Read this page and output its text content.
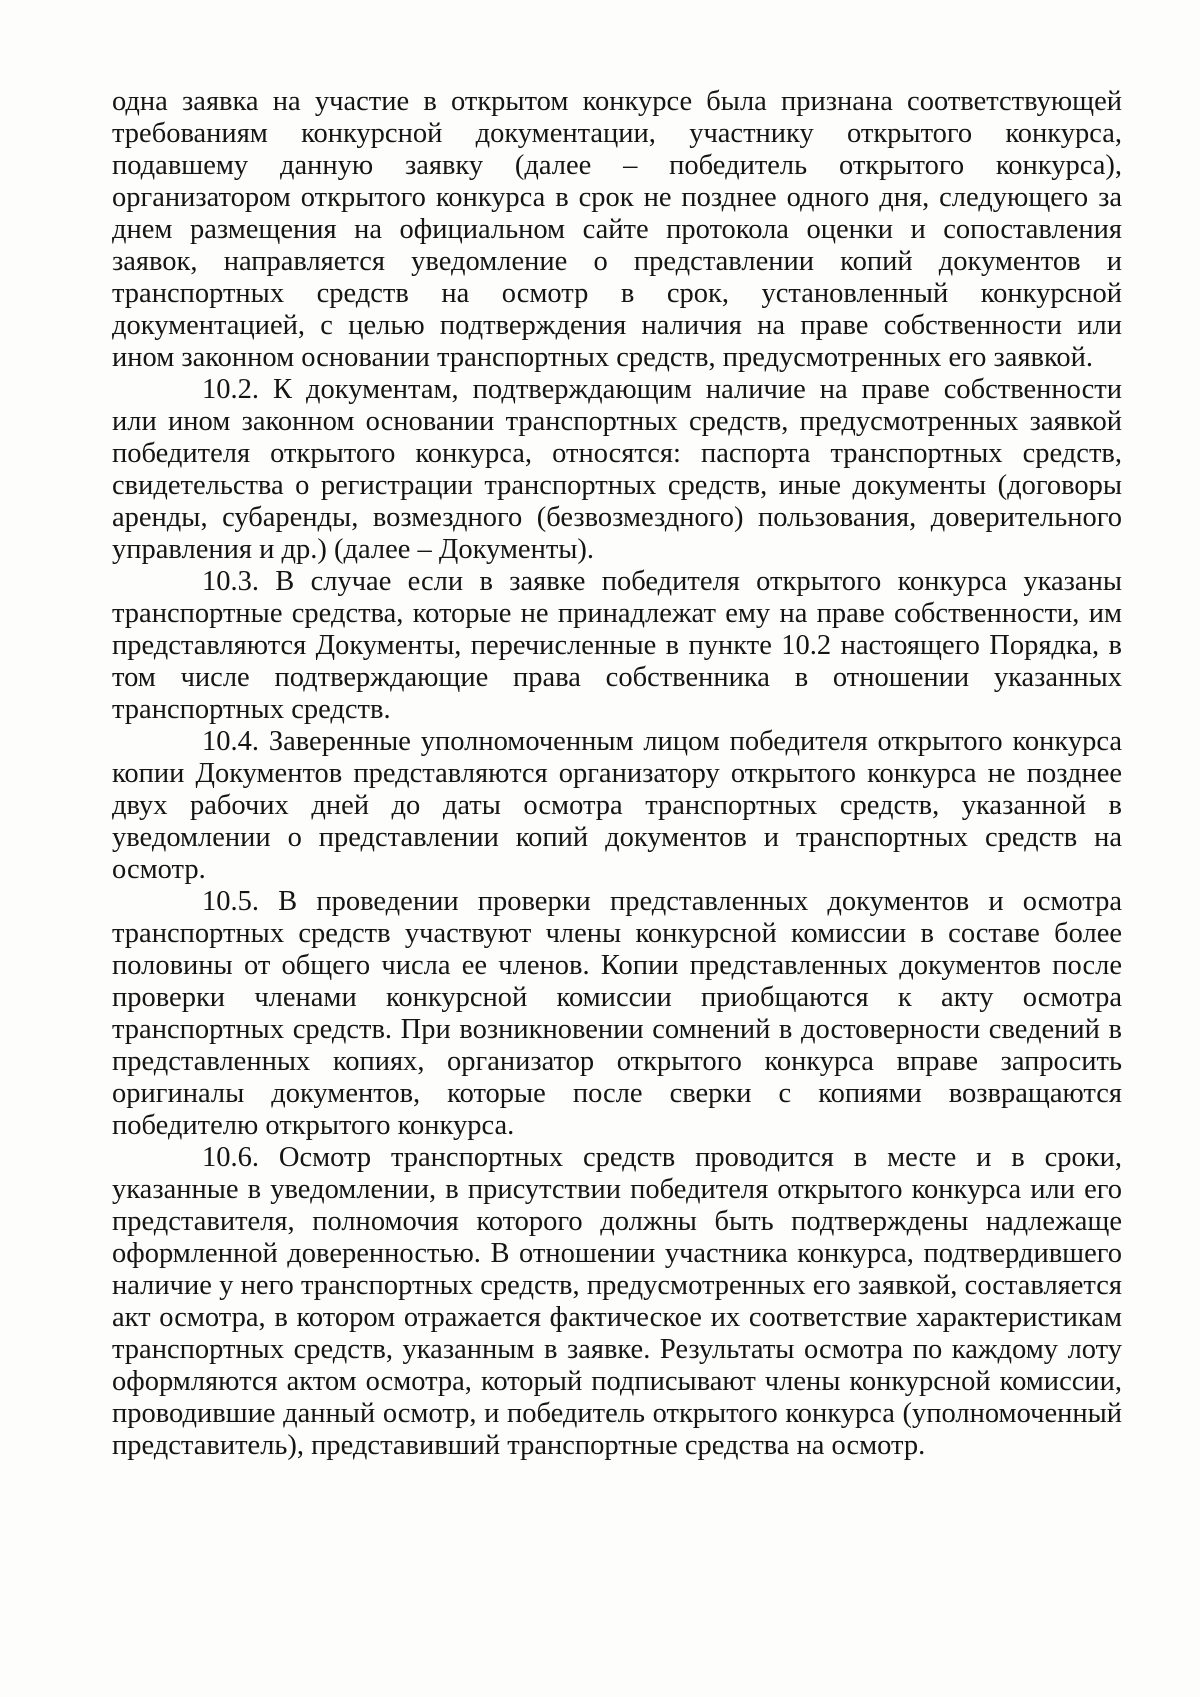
одна заявка на участие в открытом конкурсе была признана соответствующей требованиям конкурсной документации, участнику открытого конкурса, подавшему данную заявку (далее – победитель открытого конкурса), организатором открытого конкурса в срок не позднее одного дня, следующего за днем размещения на официальном сайте протокола оценки и сопоставления заявок, направляется уведомление о представлении копий документов и транспортных средств на осмотр в срок, установленный конкурсной документацией, с целью подтверждения наличия на праве собственности или ином законном основании транспортных средств, предусмотренных его заявкой.

10.2. К документам, подтверждающим наличие на праве собственности или ином законном основании транспортных средств, предусмотренных заявкой победителя открытого конкурса, относятся: паспорта транспортных средств, свидетельства о регистрации транспортных средств, иные документы (договоры аренды, субаренды, возмездного (безвозмездного) пользования, доверительного управления и др.) (далее – Документы).

10.3. В случае если в заявке победителя открытого конкурса указаны транспортные средства, которые не принадлежат ему на праве собственности, им представляются Документы, перечисленные в пункте 10.2 настоящего Порядка, в том числе подтверждающие права собственника в отношении указанных транспортных средств.

10.4. Заверенные уполномоченным лицом победителя открытого конкурса копии Документов представляются организатору открытого конкурса не позднее двух рабочих дней до даты осмотра транспортных средств, указанной в уведомлении о представлении копий документов и транспортных средств на осмотр.

10.5. В проведении проверки представленных документов и осмотра транспортных средств участвуют члены конкурсной комиссии в составе более половины от общего числа ее членов. Копии представленных документов после проверки членами конкурсной комиссии приобщаются к акту осмотра транспортных средств. При возникновении сомнений в достоверности сведений в представленных копиях, организатор открытого конкурса вправе запросить оригиналы документов, которые после сверки с копиями возвращаются победителю открытого конкурса.

10.6. Осмотр транспортных средств проводится в месте и в сроки, указанные в уведомлении, в присутствии победителя открытого конкурса или его представителя, полномочия которого должны быть подтверждены надлежаще оформленной доверенностью. В отношении участника конкурса, подтвердившего наличие у него транспортных средств, предусмотренных его заявкой, составляется акт осмотра, в котором отражается фактическое их соответствие характеристикам транспортных средств, указанным в заявке. Результаты осмотра по каждому лоту оформляются актом осмотра, который подписывают члены конкурсной комиссии, проводившие данный осмотр, и победитель открытого конкурса (уполномоченный представитель), представивший транспортные средства на осмотр.
